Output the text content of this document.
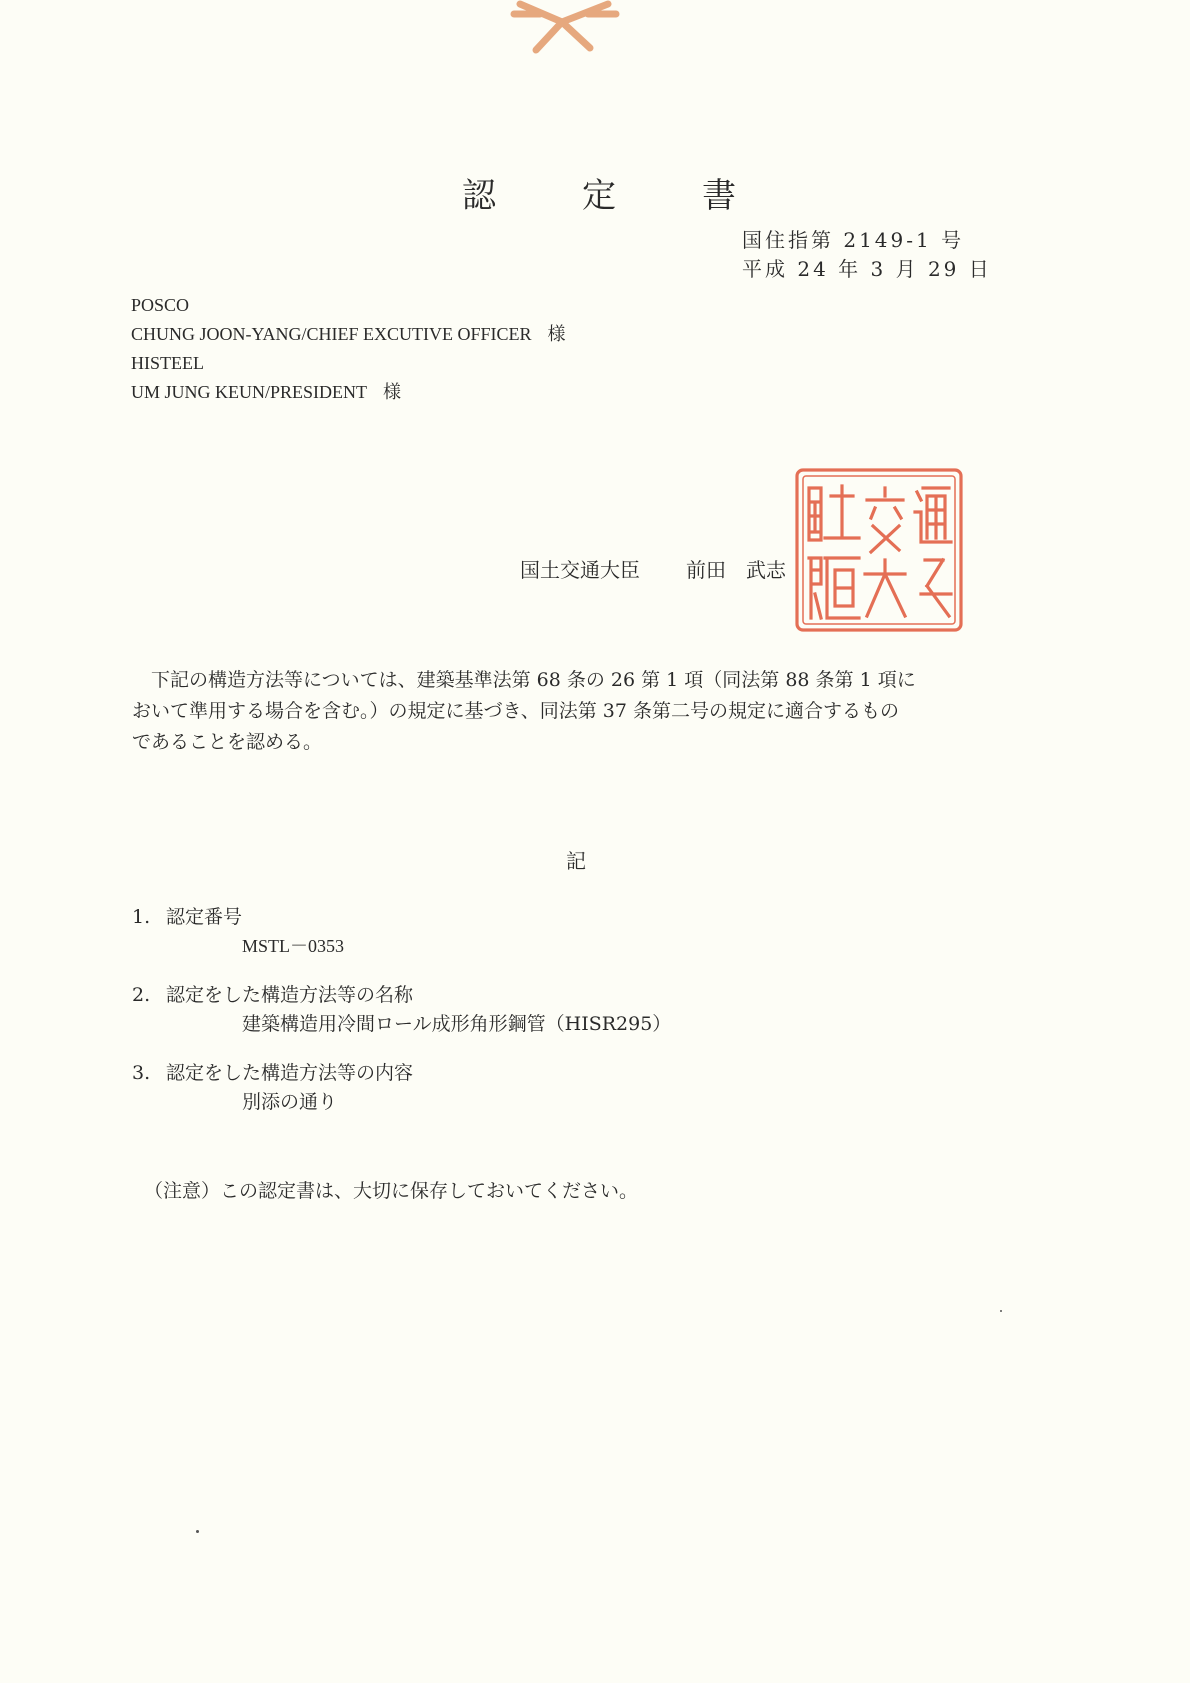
認　定　書
国住指第 2149-1 号
平成 24 年 3 月 29 日
POSCO
CHUNG JOON-YANG/CHIEF EXCUTIVE OFFICER 様
HISTEEL
UM JUNG KEUN/PRESIDENT 様
国土交通大臣 前田　武志

　下記の構造方法等については、建築基準法第 68 条の 26 第 1 項（同法第 88 条第 1 項に

おいて準用する場合を含む。）の規定に基づき、同法第 37 条第二号の規定に適合するもの

であることを認める。

記
1. 認定番号
MSTL－0353
2. 認定をした構造方法等の名称
建築構造用冷間ロール成形角形鋼管（HISR295）
3. 認定をした構造方法等の内容
別添の通り
（注意）この認定書は、大切に保存しておいてください。
